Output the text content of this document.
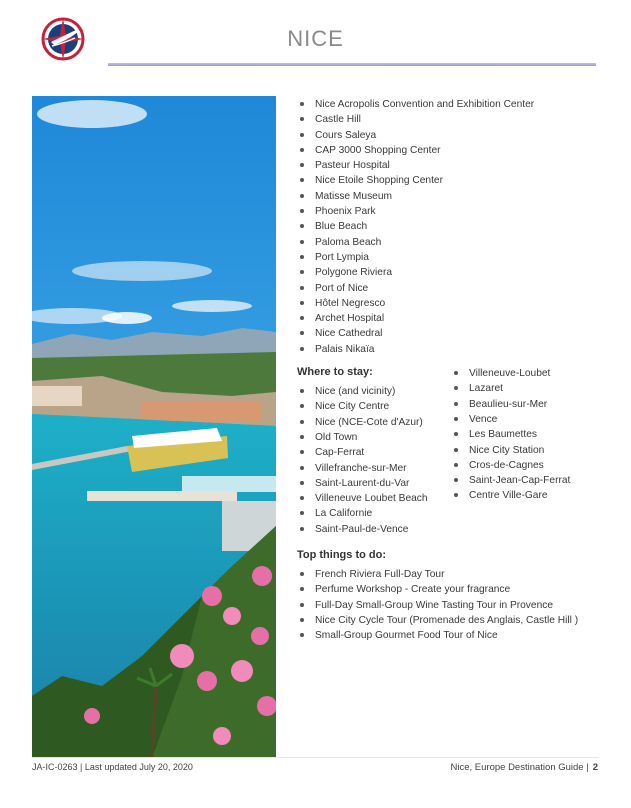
NICE
Nice Acropolis Convention and Exhibition Center
Castle Hill
Cours Saleya
CAP 3000 Shopping Center
Pasteur Hospital
Nice Etoile Shopping Center
Matisse Museum
Phoenix Park
Blue Beach
Paloma Beach
Port Lympia
Polygone Riviera
Port of Nice
Hôtel Negresco
Archet Hospital
Nice Cathedral
Palais Nikaïa
Where to stay:
Nice (and vicinity)
Nice City Centre
Nice (NCE-Cote d'Azur)
Old Town
Cap-Ferrat
Villefranche-sur-Mer
Saint-Laurent-du-Var
Villeneuve Loubet Beach
La Californie
Saint-Paul-de-Vence
Villeneuve-Loubet
Lazaret
Beaulieu-sur-Mer
Vence
Les Baumettes
Nice City Station
Cros-de-Cagnes
Saint-Jean-Cap-Ferrat
Centre Ville-Gare
Top things to do:
French Riviera Full-Day Tour
Perfume Workshop - Create your fragrance
Full-Day Small-Group Wine Tasting Tour in Provence
Nice City Cycle Tour (Promenade des Anglais, Castle Hill )
Small-Group Gourmet Food Tour of Nice
JA-IC-0263 | Last updated July 20, 2020	Nice, Europe Destination Guide | 2
